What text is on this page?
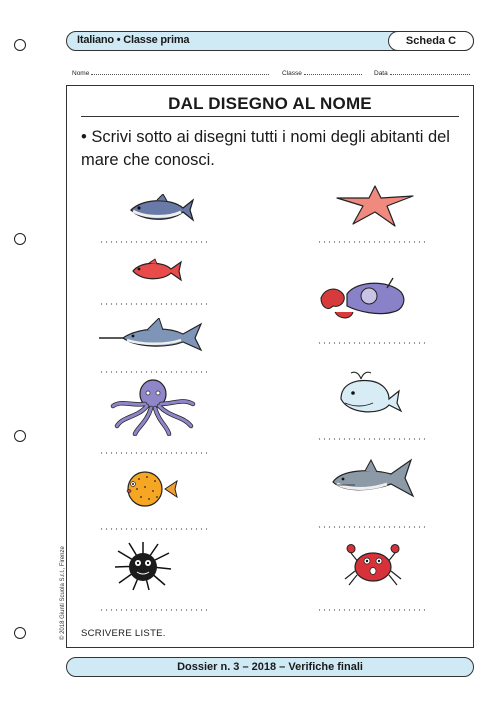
Italiano • Classe prima	Scheda C
Nome	Classe	Data
DAL DISEGNO AL NOME
• Scrivi sotto ai disegni tutti i nomi degli abitanti del mare che conosci.
SCRIVERE LISTE.
© 2018 Giunti Scuola S.r.l., Firenze
Dossier n. 3 – 2018 – Verifiche finali
